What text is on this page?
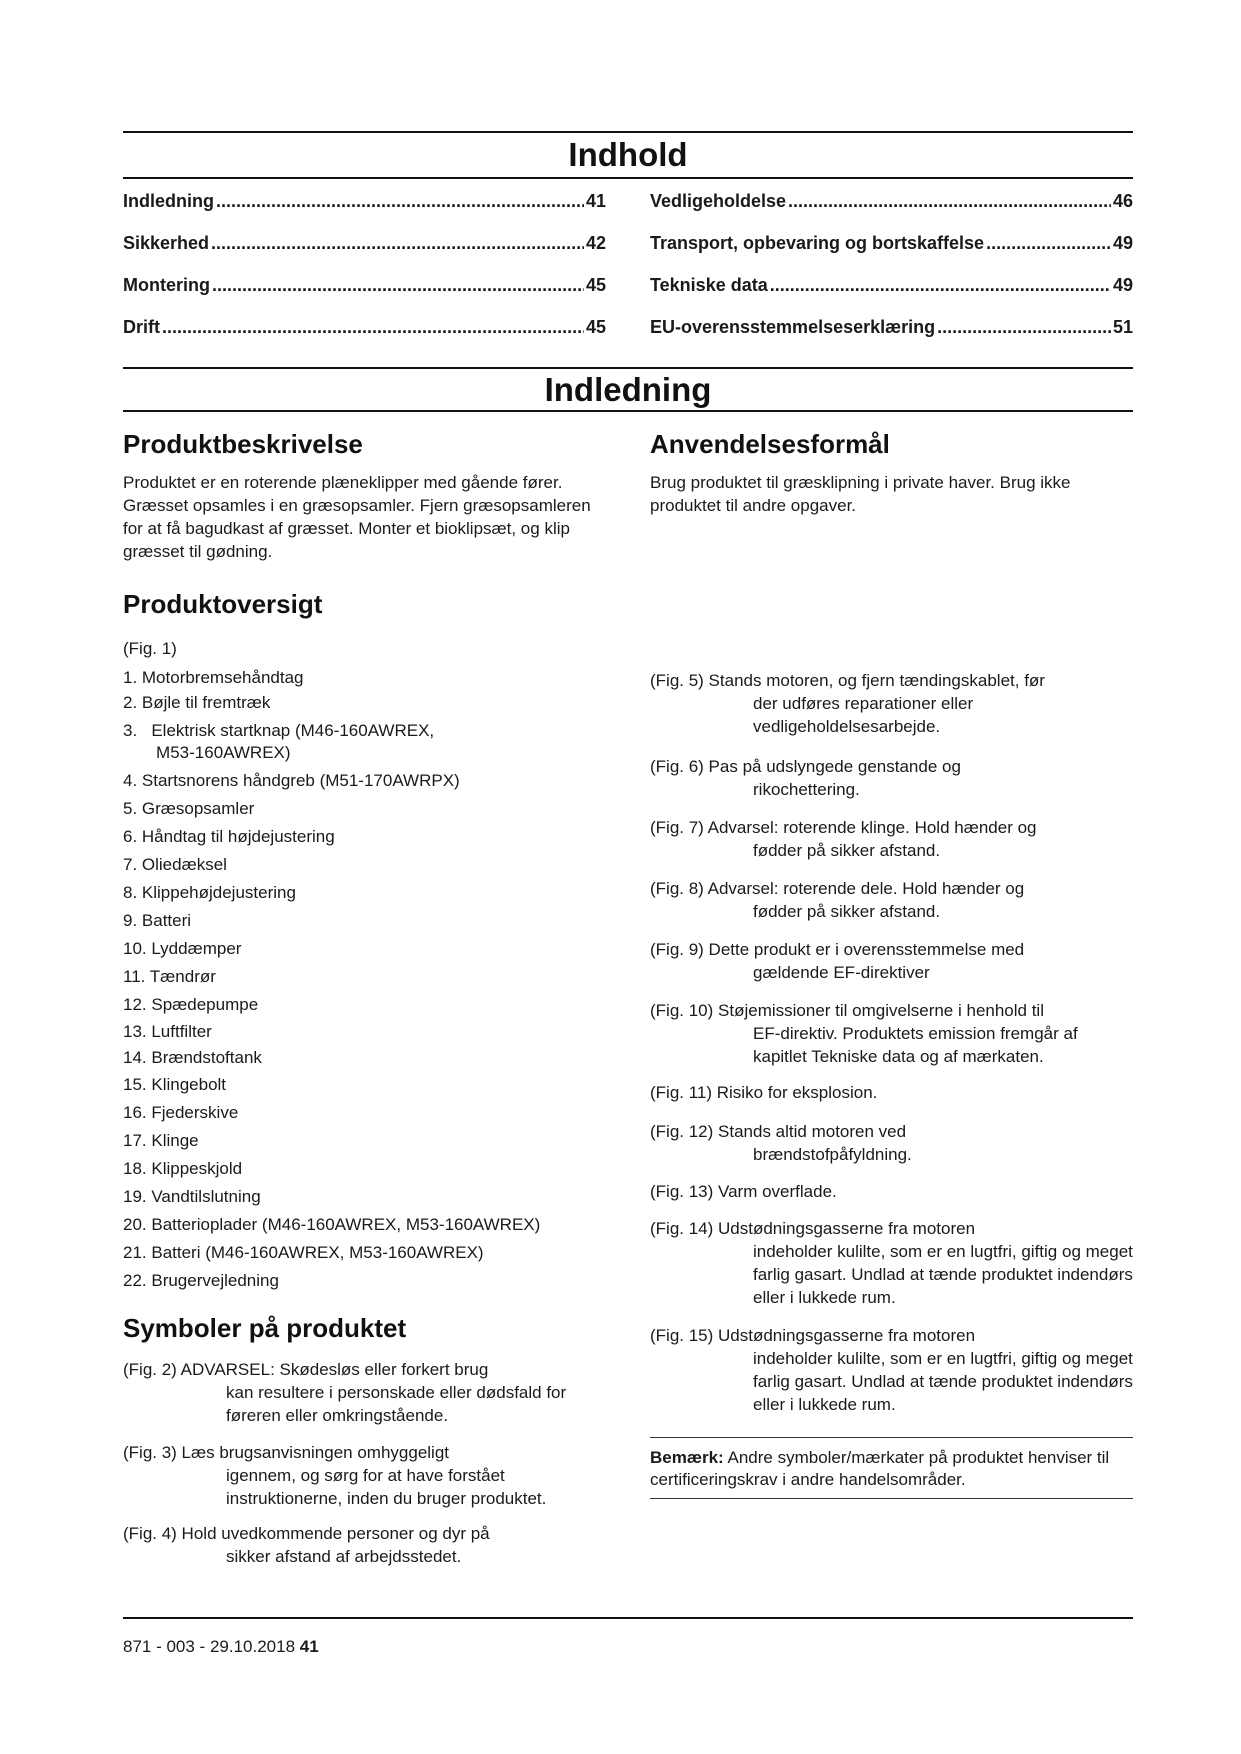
Indhold
Indledning .....	41
Sikkerhed .....	42
Montering .....	45
Drift .....	45
Vedligeholdelse .....	46
Transport, opbevaring og bortskaffelse .....	49
Tekniske data .....	49
EU-overensstemmelseserklæring .....	51
Indledning
Produktbeskrivelse

Produktet er en roterende plæneklipper med gående fører. Græsset opsamles i en græsopsamler. Fjern græsopsamleren for at få bagudkast af græsset. Monter et bioklipsæt, og klip græsset til gødning.

Produktoversigt
(Fig. 1)
1. Motorbremsehåndtag
2. Bøjle til fremtræk
3.   Elektrisk startknap (M46-160AWREX,
M53-160AWREX)
4. Startsnorens håndgreb (M51-170AWRPX)
5. Græsopsamler
6. Håndtag til højdejustering
7. Oliedæksel
8. Klippehøjdejustering
9. Batteri
10. Lyddæmper
11. Tændrør
12. Spædepumpe
13. Luftfilter
14. Brændstoftank
15. Klingebolt
16. Fjederskive
17. Klinge
18. Klippeskjold
19. Vandtilslutning
20. Batterioplader (M46-160AWREX, M53-160AWREX)
21. Batteri (M46-160AWREX, M53-160AWREX)
22. Brugervejledning
Symboler på produktet
(Fig. 2) ADVARSEL: Skødesløs eller forkert brug
kan resultere i personskade eller dødsfald for føreren eller omkringstående.
(Fig. 3) Læs brugsanvisningen omhyggeligt
igennem, og sørg for at have forstået instruktionerne, inden du bruger produktet.
(Fig. 4) Hold uvedkommende personer og dyr på
sikker afstand af arbejdsstedet.
Anvendelsesformål

Brug produktet til græsklipning i private haver. Brug ikke produktet til andre opgaver.

(Fig. 5) Stands motoren, og fjern tændingskablet, før
der udføres reparationer eller vedligeholdelsesarbejde.
(Fig. 6) Pas på udslyngede genstande og
rikochettering.
(Fig. 7) Advarsel: roterende klinge. Hold hænder og
fødder på sikker afstand.
(Fig. 8) Advarsel: roterende dele. Hold hænder og
fødder på sikker afstand.
(Fig. 9) Dette produkt er i overensstemmelse med
gældende EF-direktiver
(Fig. 10) Støjemissioner til omgivelserne i henhold til
EF-direktiv. Produktets emission fremgår af kapitlet Tekniske data og af mærkaten.
(Fig. 11) Risiko for eksplosion.
(Fig. 12) Stands altid motoren ved
brændstofpåfyldning.
(Fig. 13) Varm overflade.
(Fig. 14) Udstødningsgasserne fra motoren
indeholder kulilte, som er en lugtfri, giftig og meget farlig gasart. Undlad at tænde produktet indendørs eller i lukkede rum.
(Fig. 15) Udstødningsgasserne fra motoren
indeholder kulilte, som er en lugtfri, giftig og meget farlig gasart. Undlad at tænde produktet indendørs eller i lukkede rum.
Bemærk: Andre symboler/mærkater på produktet henviser til certificeringskrav i andre handelsområder.
871 - 003 - 29.10.2018 41
